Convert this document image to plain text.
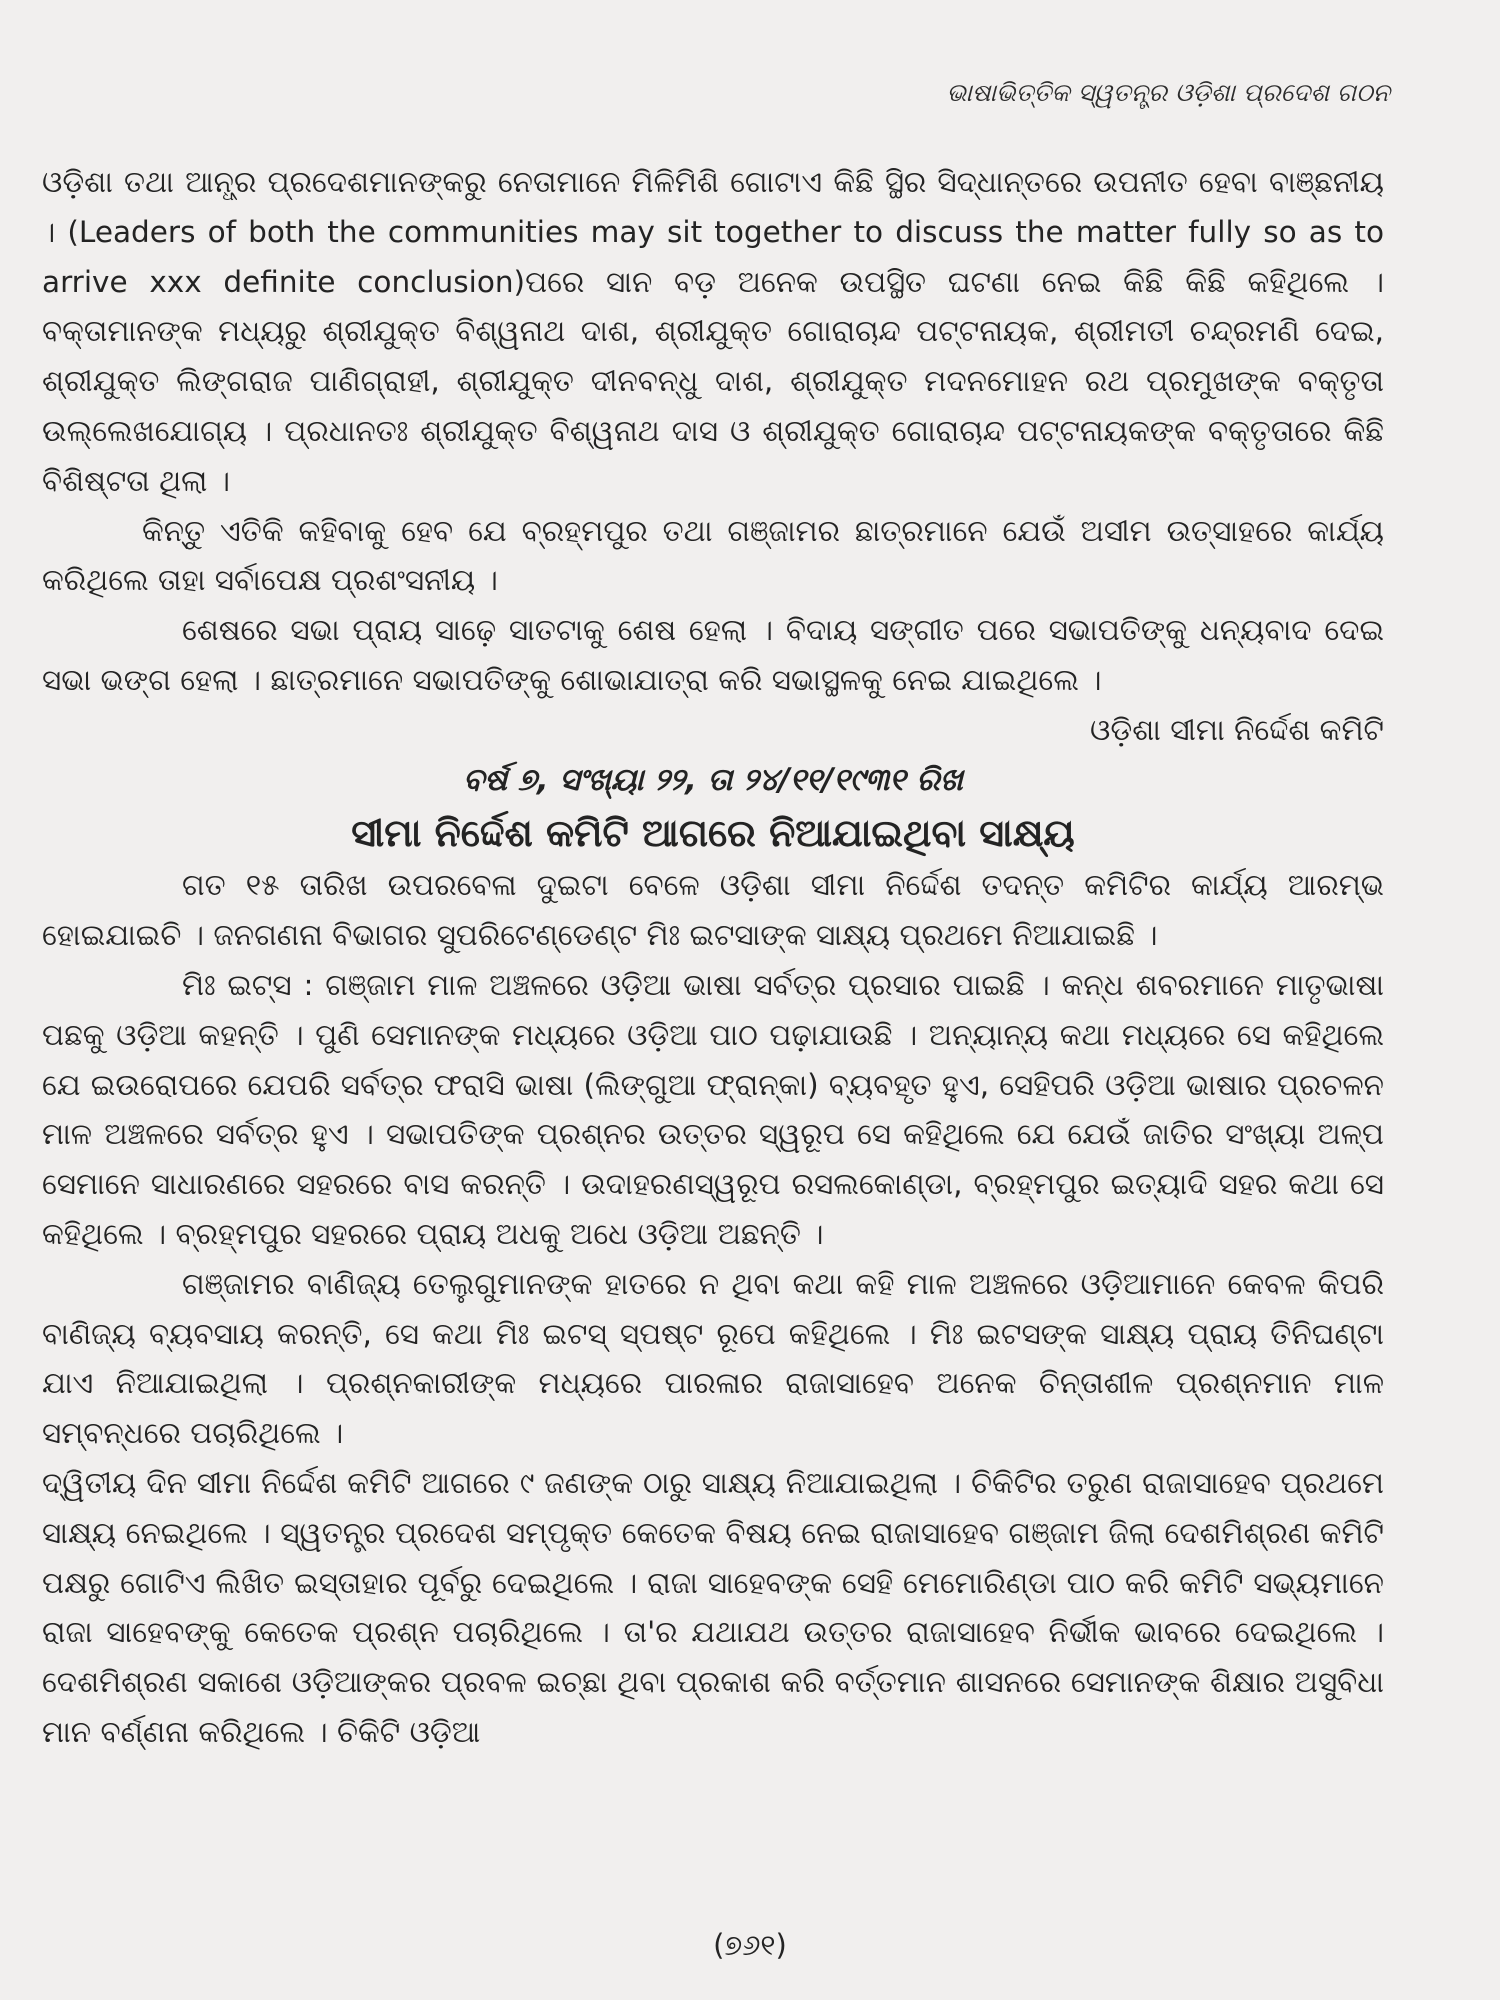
ଭାଷାଭିତ୍ତିକ ସ୍ୱତନ୍ତ୍ର ଓଡ଼ିଶା ପ୍ରଦେଶ ଗଠନ

ଓଡ଼ିଶା ତଥା ଆନ୍ଧ୍ର ପ୍ରଦେଶମାନଙ୍କରୁ ନେତାମାନେ ମିଳିମିଶି ଗୋଟାଏ କିଛି ସ୍ଥିର ସିଦ୍ଧାନ୍ତରେ ଉପନୀତ ହେବା ବାଞ୍ଛନୀୟ । (Leaders of both the communities may sit together to discuss the matter fully so as to arrive xxx definite conclusion)ପରେ ସାନ ବଡ଼ ଅନେକ ଉପସ୍ଥିତ ଘଟଣା ନେଇ କିଛି କିଛି କହିଥିଲେ । ବକ୍ତାମାନଙ୍କ ମଧ୍ୟରୁ ଶ୍ରୀଯୁକ୍ତ ବିଶ୍ୱନାଥ ଦାଶ, ଶ୍ରୀଯୁକ୍ତ ଗୋରାଚାନ୍ଦ ପଟ୍ଟନାୟକ, ଶ୍ରୀମତୀ ଚନ୍ଦ୍ରମଣି ଦେଇ, ଶ୍ରୀଯୁକ୍ତ ଲିଙ୍ଗରାଜ ପାଣିଗ୍ରାହୀ, ଶ୍ରୀଯୁକ୍ତ ଦୀନବନ୍ଧୁ ଦାଶ, ଶ୍ରୀଯୁକ୍ତ ମଦନମୋହନ ରଥ ପ୍ରମୁଖଙ୍କ ବକ୍ତୃତା ଉଲ୍ଲେଖଯୋଗ୍ୟ । ପ୍ରଧାନତଃ ଶ୍ରୀଯୁକ୍ତ ବିଶ୍ୱନାଥ ଦାସ ଓ ଶ୍ରୀଯୁକ୍ତ ଗୋରାଚାନ୍ଦ ପଟ୍ଟନାୟକଙ୍କ ବକ୍ତୃତାରେ କିଛି ବିଶିଷ୍ଟତା ଥିଲା ।

କିନ୍ତୁ ଏତିକି କହିବାକୁ ହେବ ଯେ ବ୍ରହ୍ମପୁର ତଥା ଗଞ୍ଜାମର ଛାତ୍ରମାନେ ଯେଉଁ ଅସୀମ ଉତ୍ସାହରେ କାର୍ଯ୍ୟ କରିଥିଲେ ତାହା ସର୍ବାପେକ୍ଷ ପ୍ରଶଂସନୀୟ ।

ଶେଷରେ ସଭା ପ୍ରାୟ ସାଢ଼େ ସାତଟାକୁ ଶେଷ ହେଲା । ବିଦାୟ ସଙ୍ଗୀତ ପରେ ସଭାପତିଙ୍କୁ ଧନ୍ୟବାଦ ଦେଇ ସଭା ଭଙ୍ଗ ହେଲା । ଛାତ୍ରମାନେ ସଭାପତିଙ୍କୁ ଶୋଭାଯାତ୍ରା କରି ସଭାସ୍ଥଳକୁ ନେଇ ଯାଇଥିଲେ ।

ଓଡ଼ିଶା ସୀମା ନିର୍ଦ୍ଦେଶ କମିଟି

ବର୍ଷ ୭, ସଂଖ୍ୟା ୨୨, ତା ୨୪/୧୧/୧୯୩୧ ରିଖ

ସୀମା ନିର୍ଦ୍ଦେଶ କମିଟି ଆଗରେ ନିଆଯାଇଥିବା ସାକ୍ଷ୍ୟ

ଗତ ୧୫ ତାରିଖ ଉପରବେଳା ଦୁଇଟା ବେଳେ ଓଡ଼ିଶା ସୀମା ନିର୍ଦ୍ଦେଶ ତଦନ୍ତ କମିଟିର କାର୍ଯ୍ୟ ଆରମ୍ଭ ହୋଇଯାଇଚି । ଜନଗଣନା ବିଭାଗର ସୁପରିଟେଣ୍ଡେଣ୍ଟ ମିଃ ଇଟସାଙ୍କ ସାକ୍ଷ୍ୟ ପ୍ରଥମେ ନିଆଯାଇଛି ।

ମିଃ ଇଟ୍‌ସ : ଗଞ୍ଜାମ ମାଳ ଅଞ୍ଚଳରେ ଓଡ଼ିଆ ଭାଷା ସର୍ବତ୍ର ପ୍ରସାର ପାଇଛି । କନ୍ଧ ଶବରମାନେ ମାତୃଭାଷା ପଛକୁ ଓଡ଼ିଆ କହନ୍ତି । ପୁଣି ସେମାନଙ୍କ ମଧ୍ୟରେ ଓଡ଼ିଆ ପାଠ ପଢ଼ାଯାଉଛି । ଅନ୍ୟାନ୍ୟ କଥା ମଧ୍ୟରେ ସେ କହିଥିଲେ ଯେ ଇଉରୋପରେ ଯେପରି ସର୍ବତ୍ର ଫରାସି ଭାଷା (ଲିଙ୍ଗୁଆ ଫ୍ରାନ୍‌କା) ବ୍ୟବହୃତ ହୁଏ, ସେହିପରି ଓଡ଼ିଆ ଭାଷାର ପ୍ରଚଳନ ମାଳ ଅଞ୍ଚଳରେ ସର୍ବତ୍ର ହୁଏ । ସଭାପତିଙ୍କ ପ୍ରଶ୍ନର ଉତ୍ତର ସ୍ୱରୂପ ସେ କହିଥିଲେ ଯେ ଯେଉଁ ଜାତିର ସଂଖ୍ୟା ଅଳ୍ପ ସେମାନେ ସାଧାରଣରେ ସହରରେ ବାସ କରନ୍ତି । ଉଦାହରଣସ୍ୱରୂପ ରସଲକୋଣ୍ଡା, ବ୍ରହ୍ମପୁର ଇତ୍ୟାଦି ସହର କଥା ସେ କହିଥିଲେ । ବ୍ରହ୍ମପୁର ସହରରେ ପ୍ରାୟ ଅଧକୁ ଅଧେ ଓଡ଼ିଆ ଅଛନ୍ତି ।

ଗଞ୍ଜାମର ବାଣିଜ୍ୟ ତେଲୁଗୁମାନଙ୍କ ହାତରେ ନ ଥିବା କଥା କହି ମାଳ ଅଞ୍ଚଳରେ ଓଡ଼ିଆମାନେ କେବଳ କିପରି ବାଣିଜ୍ୟ ବ୍ୟବସାୟ କରନ୍ତି, ସେ କଥା ମିଃ ଇଟସ୍ ସ୍ପଷ୍ଟ ରୂପେ କହିଥିଲେ । ମିଃ ଇଟସଙ୍କ ସାକ୍ଷ୍ୟ ପ୍ରାୟ ତିନିଘଣ୍ଟା ଯାଏ ନିଆଯାଇଥିଲା । ପ୍ରଶ୍ନକାରୀଙ୍କ ମଧ୍ୟରେ ପାରଳାର ରାଜାସାହେବ ଅନେକ ଚିନ୍ତାଶୀଳ ପ୍ରଶ୍ନମାନ ମାଳ ସମ୍ବନ୍ଧରେ ପଚାରିଥିଲେ ।

ଦ୍ୱିତୀୟ ଦିନ ସୀମା ନିର୍ଦ୍ଦେଶ କମିଟି ଆଗରେ ୯ ଜଣଙ୍କ ଠାରୁ ସାକ୍ଷ୍ୟ ନିଆଯାଇଥିଲା । ଚିକିଟିର ତରୁଣ ରାଜାସାହେବ ପ୍ରଥମେ ସାକ୍ଷ୍ୟ ନେଇଥିଲେ । ସ୍ୱତନ୍ତ୍ର ପ୍ରଦେଶ ସମ୍ପୃକ୍ତ କେତେକ ବିଷୟ ନେଇ ରାଜାସାହେବ ଗଞ୍ଜାମ ଜିଲା ଦେଶମିଶ୍ରଣ କମିଟି ପକ୍ଷରୁ ଗୋଟିଏ ଲିଖିତ ଇସ୍ତାହାର ପୂର୍ବରୁ ଦେଇଥିଲେ । ରାଜା ସାହେବଙ୍କ ସେହି ମେମୋରିଣ୍ଡା ପାଠ କରି କମିଟି ସଭ୍ୟମାନେ ରାଜା ସାହେବଙ୍କୁ କେତେକ ପ୍ରଶ୍ନ ପଚାରିଥିଲେ । ତା'ର ଯଥାଯଥ ଉତ୍ତର ରାଜାସାହେବ ନିର୍ଭୀକ ଭାବରେ ଦେଇଥିଲେ । ଦେଶମିଶ୍ରଣ ସକାଶେ ଓଡ଼ିଆଙ୍କର ପ୍ରବଳ ଇଚ୍ଛା ଥିବା ପ୍ରକାଶ କରି ବର୍ତ୍ତମାନ ଶାସନରେ ସେମାନଙ୍କ ଶିକ୍ଷାର ଅସୁବିଧା ମାନ ବର୍ଣ୍ଣନା କରିଥିଲେ । ଚିକିଟି ଓଡ଼ିଆ

(୭୬୧)
